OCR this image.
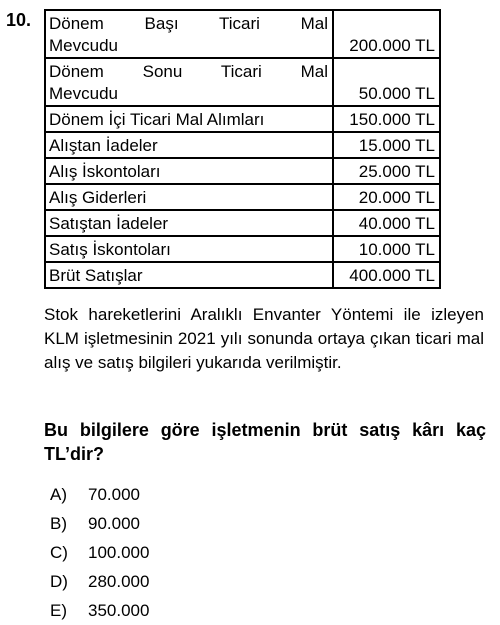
10. Dönem Başı Ticari Mal
Mevcudu	200.000 TL
Dönem Sonu Ticari Mal
Mevcudu	50.000 TL
Dönem İçi Ticari Mal Alımları	150.000 TL
Alıştan İadeler	15.000 TL
Alış İskontoları	25.000 TL
Alış Giderleri	20.000 TL
Satıştan İadeler	40.000 TL
Satış İskontoları	10.000 TL
Brüt Satışlar	400.000 TL
Stok hareketlerini Aralıklı Envanter Yöntemi ile izleyen KLM işletmesinin 2021 yılı sonunda ortaya çıkan ticari mal alış ve satış bilgileri yukarıda verilmiştir.
Bu bilgilere göre işletmenin brüt satış kârı kaç TL’dir?
A) 70.000
B) 90.000
C) 100.000
D) 280.000
E) 350.000
